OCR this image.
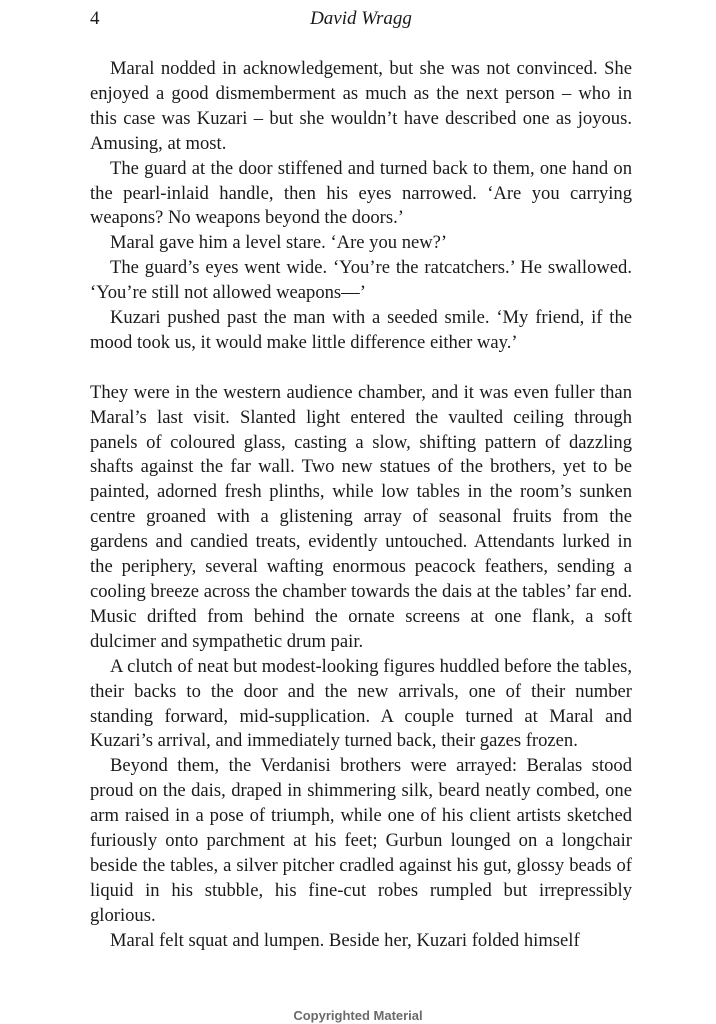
4	David Wragg

Maral nodded in acknowledgement, but she was not convinced. She enjoyed a good dismemberment as much as the next person – who in this case was Kuzari – but she wouldn’t have described one as joyous. Amusing, at most.

The guard at the door stiffened and turned back to them, one hand on the pearl-inlaid handle, then his eyes narrowed. ‘Are you carrying weapons? No weapons beyond the doors.’

Maral gave him a level stare. ‘Are you new?’

The guard’s eyes went wide. ‘You’re the ratcatchers.’ He swallowed. ‘You’re still not allowed weapons—’

Kuzari pushed past the man with a seeded smile. ‘My friend, if the mood took us, it would make little difference either way.’

They were in the western audience chamber, and it was even fuller than Maral’s last visit. Slanted light entered the vaulted ceiling through panels of coloured glass, casting a slow, shifting pattern of dazzling shafts against the far wall. Two new statues of the brothers, yet to be painted, adorned fresh plinths, while low tables in the room’s sunken centre groaned with a glistening array of seasonal fruits from the gardens and candied treats, evidently untouched. Attendants lurked in the periphery, several wafting enormous peacock feathers, sending a cooling breeze across the chamber towards the dais at the tables’ far end. Music drifted from behind the ornate screens at one flank, a soft dulcimer and sympathetic drum pair.

A clutch of neat but modest-looking figures huddled before the tables, their backs to the door and the new arrivals, one of their number standing forward, mid-supplication. A couple turned at Maral and Kuzari’s arrival, and immediately turned back, their gazes frozen.

Beyond them, the Verdanisi brothers were arrayed: Beralas stood proud on the dais, draped in shimmering silk, beard neatly combed, one arm raised in a pose of triumph, while one of his client artists sketched furiously onto parchment at his feet; Gurbun lounged on a longchair beside the tables, a silver pitcher cradled against his gut, glossy beads of liquid in his stubble, his fine-cut robes rumpled but irrepressibly glorious.

Maral felt squat and lumpen. Beside her, Kuzari folded himself

Copyrighted Material
